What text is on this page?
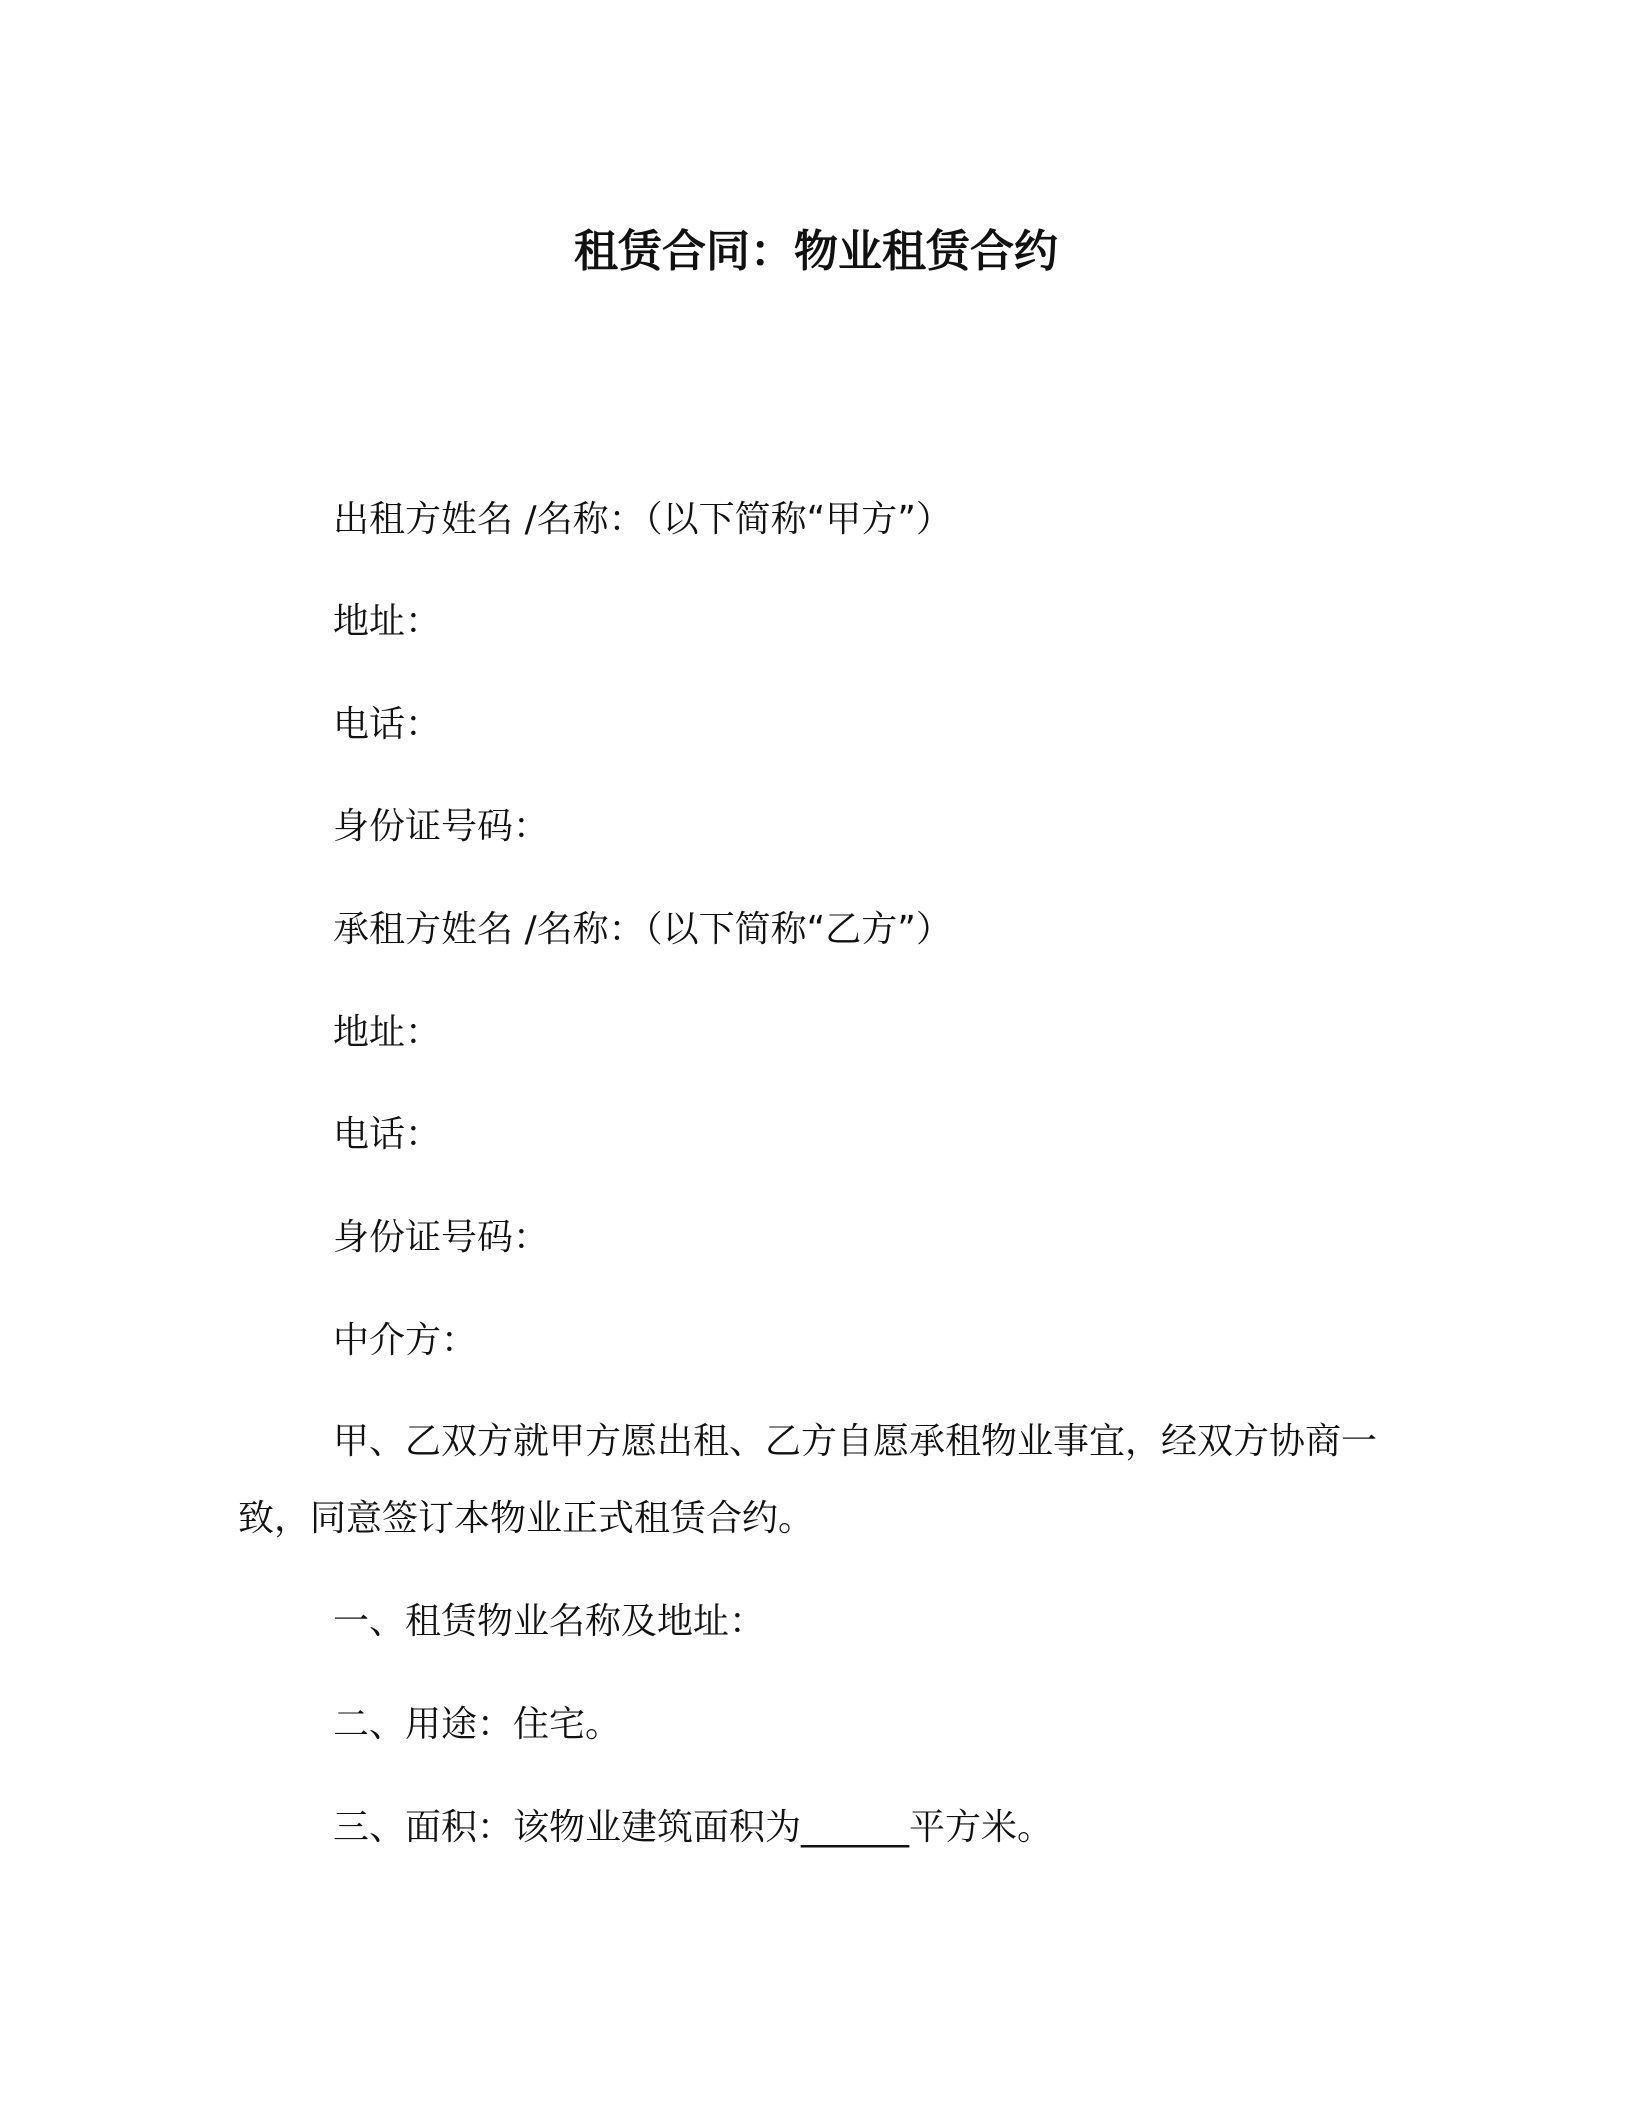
租赁合同：物业租赁合约
出租方姓名 /名称：（以下简称“甲方”）
地址：
电话：
身份证号码：
承租方姓名 /名称：（以下简称“乙方”）
地址：
电话：
身份证号码：
中介方：
甲、乙双方就甲方愿出租、乙方自愿承租物业事宜，经双方协商一致，同意签订本物业正式租赁合约。
一、租赁物业名称及地址：
二、用途：住宅。
三、面积：该物业建筑面积为______平方米。
